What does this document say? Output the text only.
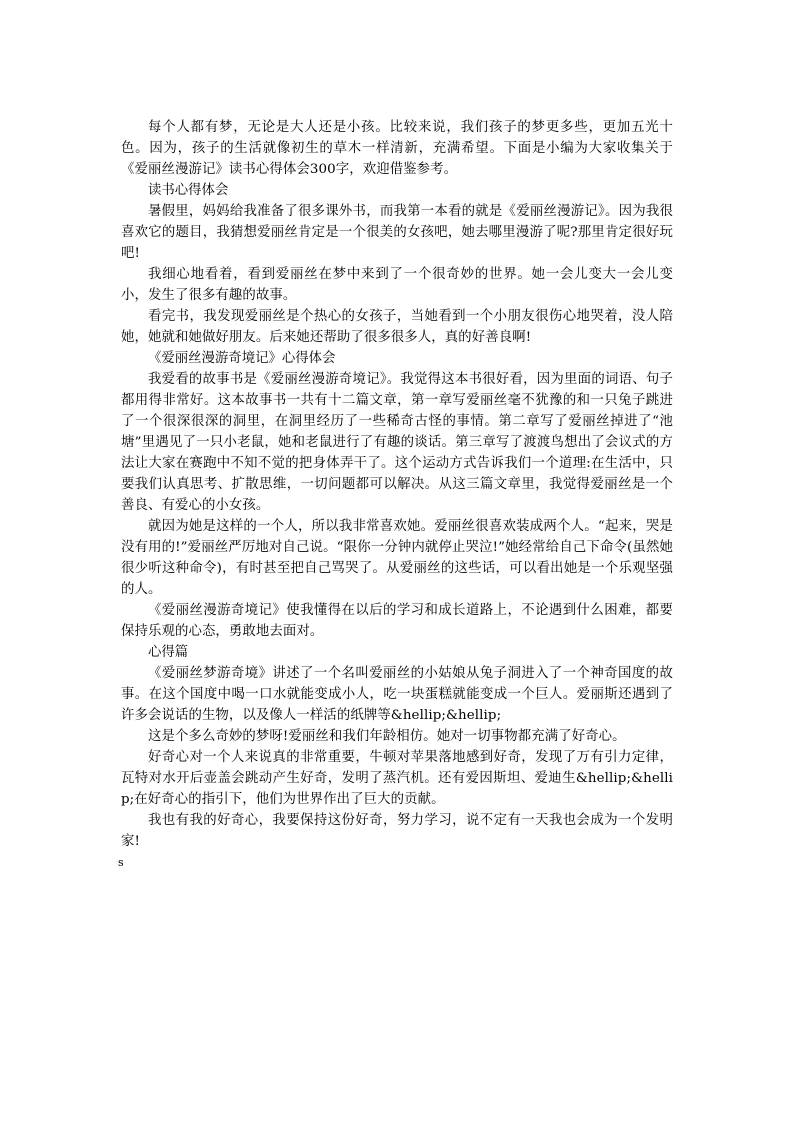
每个人都有梦，无论是大人还是小孩。比较来说，我们孩子的梦更多些，更加五光十色。因为，孩子的生活就像初生的草木一样清新，充满希望。下面是小编为大家收集关于《爱丽丝漫游记》读书心得体会300字，欢迎借鉴参考。

读书心得体会

暑假里，妈妈给我准备了很多课外书，而我第一本看的就是《爱丽丝漫游记》。因为我很喜欢它的题目，我猜想爱丽丝肯定是一个很美的女孩吧，她去哪里漫游了呢?那里肯定很好玩吧!

我细心地看着，看到爱丽丝在梦中来到了一个很奇妙的世界。她一会儿变大一会儿变小，发生了很多有趣的故事。

看完书，我发现爱丽丝是个热心的女孩子，当她看到一个小朋友很伤心地哭着，没人陪她，她就和她做好朋友。后来她还帮助了很多很多人，真的好善良啊!

《爱丽丝漫游奇境记》心得体会

我爱看的故事书是《爱丽丝漫游奇境记》。我觉得这本书很好看，因为里面的词语、句子都用得非常好。这本故事书一共有十二篇文章，第一章写爱丽丝毫不犹豫的和一只兔子跳进了一个很深很深的洞里，在洞里经历了一些稀奇古怪的事情。第二章写了爱丽丝掉进了“池塘”里遇见了一只小老鼠，她和老鼠进行了有趣的谈话。第三章写了渡渡鸟想出了会议式的方法让大家在赛跑中不知不觉的把身体弄干了。这个运动方式告诉我们一个道理:在生活中，只要我们认真思考、扩散思维，一切问题都可以解决。从这三篇文章里，我觉得爱丽丝是一个善良、有爱心的小女孩。

就因为她是这样的一个人，所以我非常喜欢她。爱丽丝很喜欢装成两个人。“起来，哭是没有用的!”爱丽丝严厉地对自己说。“限你一分钟内就停止哭泣!”她经常给自己下命令(虽然她很少听这种命令)，有时甚至把自己骂哭了。从爱丽丝的这些话，可以看出她是一个乐观坚强的人。

《爱丽丝漫游奇境记》使我懂得在以后的学习和成长道路上，不论遇到什么困难，都要保持乐观的心态，勇敢地去面对。

心得篇

《爱丽丝梦游奇境》讲述了一个名叫爱丽丝的小姑娘从兔子洞进入了一个神奇国度的故事。在这个国度中喝一口水就能变成小人，吃一块蛋糕就能变成一个巨人。爱丽斯还遇到了许多会说话的生物，以及像人一样活的纸牌等&hellip;&hellip;

这是个多么奇妙的梦呀!爱丽丝和我们年龄相仿。她对一切事物都充满了好奇心。

好奇心对一个人来说真的非常重要，牛顿对苹果落地感到好奇，发现了万有引力定律，瓦特对水开后壶盖会跳动产生好奇，发明了蒸汽机。还有爱因斯坦、爱迪生&hellip;&hellip;在好奇心的指引下，他们为世界作出了巨大的贡献。

我也有我的好奇心，我要保持这份好奇，努力学习，说不定有一天我也会成为一个发明家!

s
